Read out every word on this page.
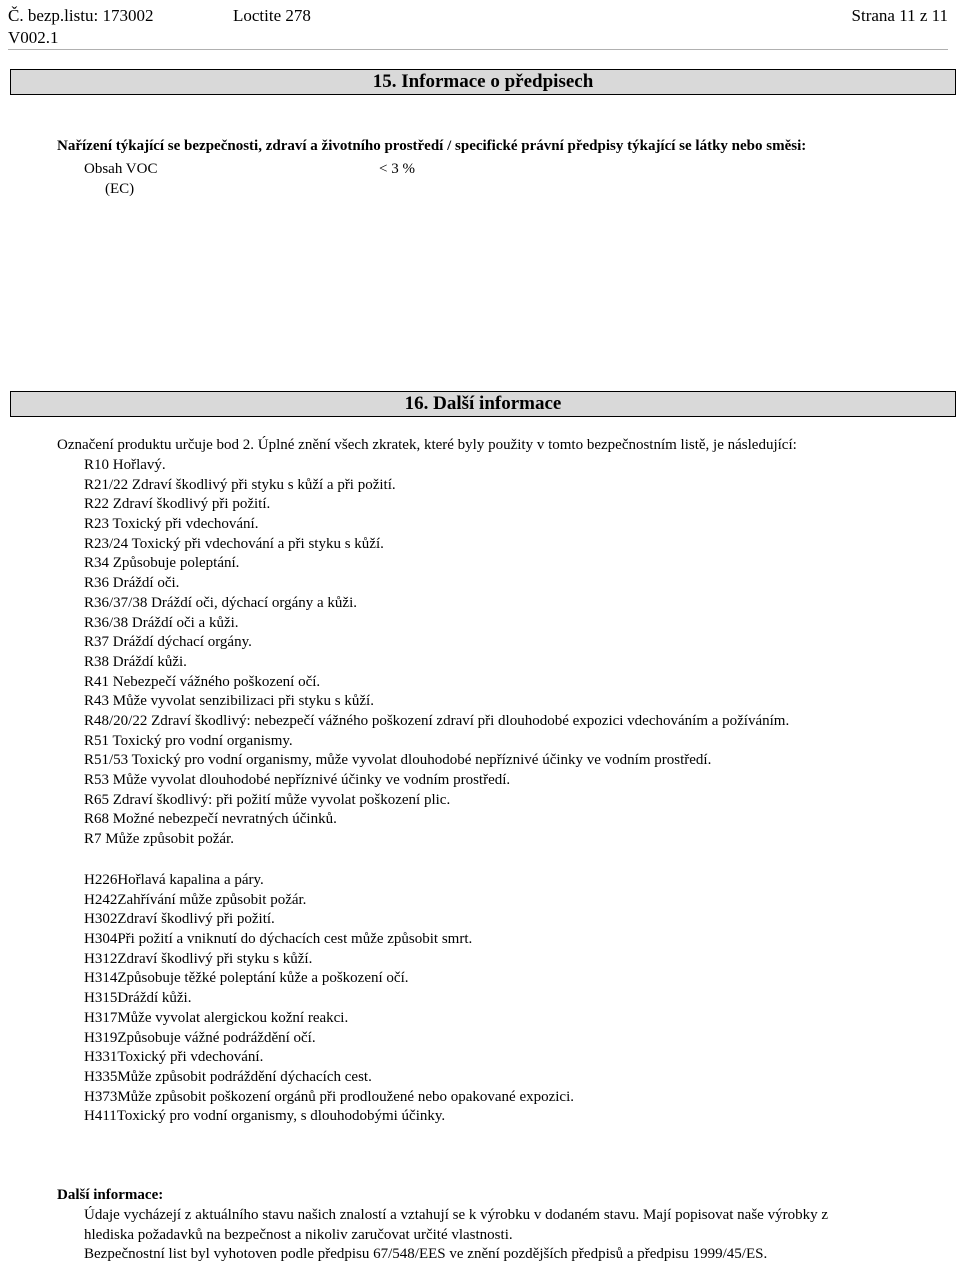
Č. bezp.listu: 173002
V002.1
Loctite 278	Strana 11 z 11
15. Informace o předpisech
Nařízení týkající se bezpečnosti, zdraví a životního prostředí / specifické právní předpisy týkající se látky nebo směsi:
Obsah VOC	< 3 %
(EC)
16. Další informace
Označení produktu určuje bod 2. Úplné znění všech zkratek, které byly použity v tomto bezpečnostním listě, je následující:
R10 Hořlavý.
R21/22 Zdraví škodlivý při styku s kůží a při požití.
R22 Zdraví škodlivý při požití.
R23 Toxický při vdechování.
R23/24 Toxický při vdechování a při styku s kůží.
R34 Způsobuje poleptání.
R36 Dráždí oči.
R36/37/38 Dráždí oči, dýchací orgány a kůži.
R36/38 Dráždí oči a kůži.
R37 Dráždí dýchací orgány.
R38 Dráždí kůži.
R41 Nebezpečí vážného poškození očí.
R43 Může vyvolat senzibilizaci při styku s kůží.
R48/20/22 Zdraví škodlivý: nebezpečí vážného poškození zdraví při dlouhodobé expozici vdechováním a požíváním.
R51 Toxický pro vodní organismy.
R51/53 Toxický pro vodní organismy, může vyvolat dlouhodobé nepříznivé účinky ve vodním prostředí.
R53 Může vyvolat dlouhodobé nepříznivé účinky ve vodním prostředí.
R65 Zdraví škodlivý: při požití může vyvolat poškození plic.
R68 Možné nebezpečí nevratných účinků.
R7 Může způsobit požár.
H226Hořlavá kapalina a páry.
H242Zahřívání může způsobit požár.
H302Zdraví škodlivý při požití.
H304Při požití a vniknutí do dýchacích cest může způsobit smrt.
H312Zdraví škodlivý při styku s kůží.
H314Způsobuje těžké poleptání kůže a poškození očí.
H315Dráždí kůži.
H317Může vyvolat alergickou kožní reakci.
H319Způsobuje vážné podráždění očí.
H331Toxický při vdechování.
H335Může způsobit podráždění dýchacích cest.
H373Může způsobit poškození orgánů při prodloužené nebo opakované expozici.
H411Toxický pro vodní organismy, s dlouhodobými účinky.
Další informace:
Údaje vycházejí z aktuálního stavu našich znalostí a vztahují se k výrobku v dodaném stavu. Mají popisovat naše výrobky z
hlediska požadavků na bezpečnost a nikoliv zaručovat určité vlastnosti.
Bezpečnostní list byl vyhotoven podle předpisu 67/548/EES ve znění pozdějších předpisů a předpisu 1999/45/ES.
